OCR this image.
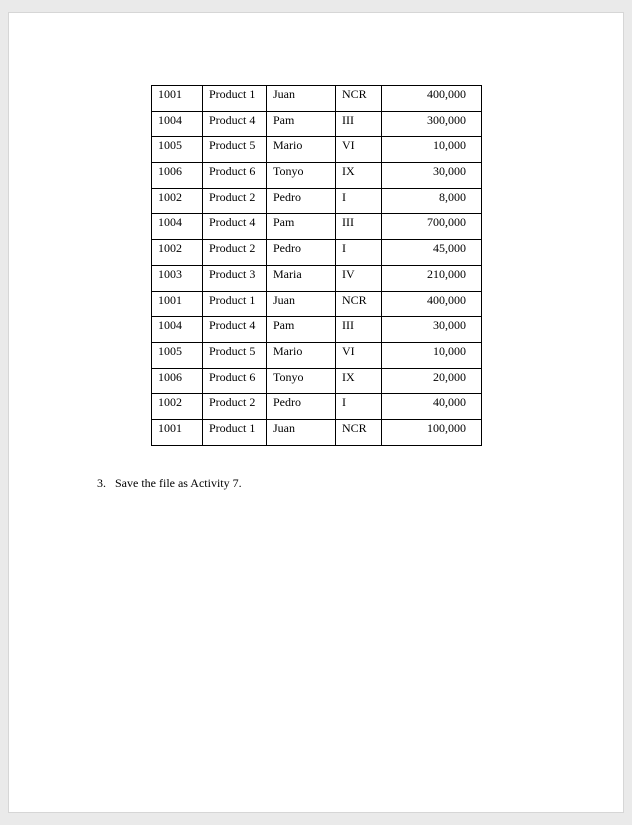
1001	Product 1	Juan	NCR	400,000
1004	Product 4	Pam	III	300,000
1005	Product 5	Mario	VI	10,000
1006	Product 6	Tonyo	IX	30,000
1002	Product 2	Pedro	I	8,000
1004	Product 4	Pam	III	700,000
1002	Product 2	Pedro	I	45,000
1003	Product 3	Maria	IV	210,000
1001	Product 1	Juan	NCR	400,000
1004	Product 4	Pam	III	30,000
1005	Product 5	Mario	VI	10,000
1006	Product 6	Tonyo	IX	20,000
1002	Product 2	Pedro	I	40,000
1001	Product 1	Juan	NCR	100,000
3. Save the file as Activity 7.
